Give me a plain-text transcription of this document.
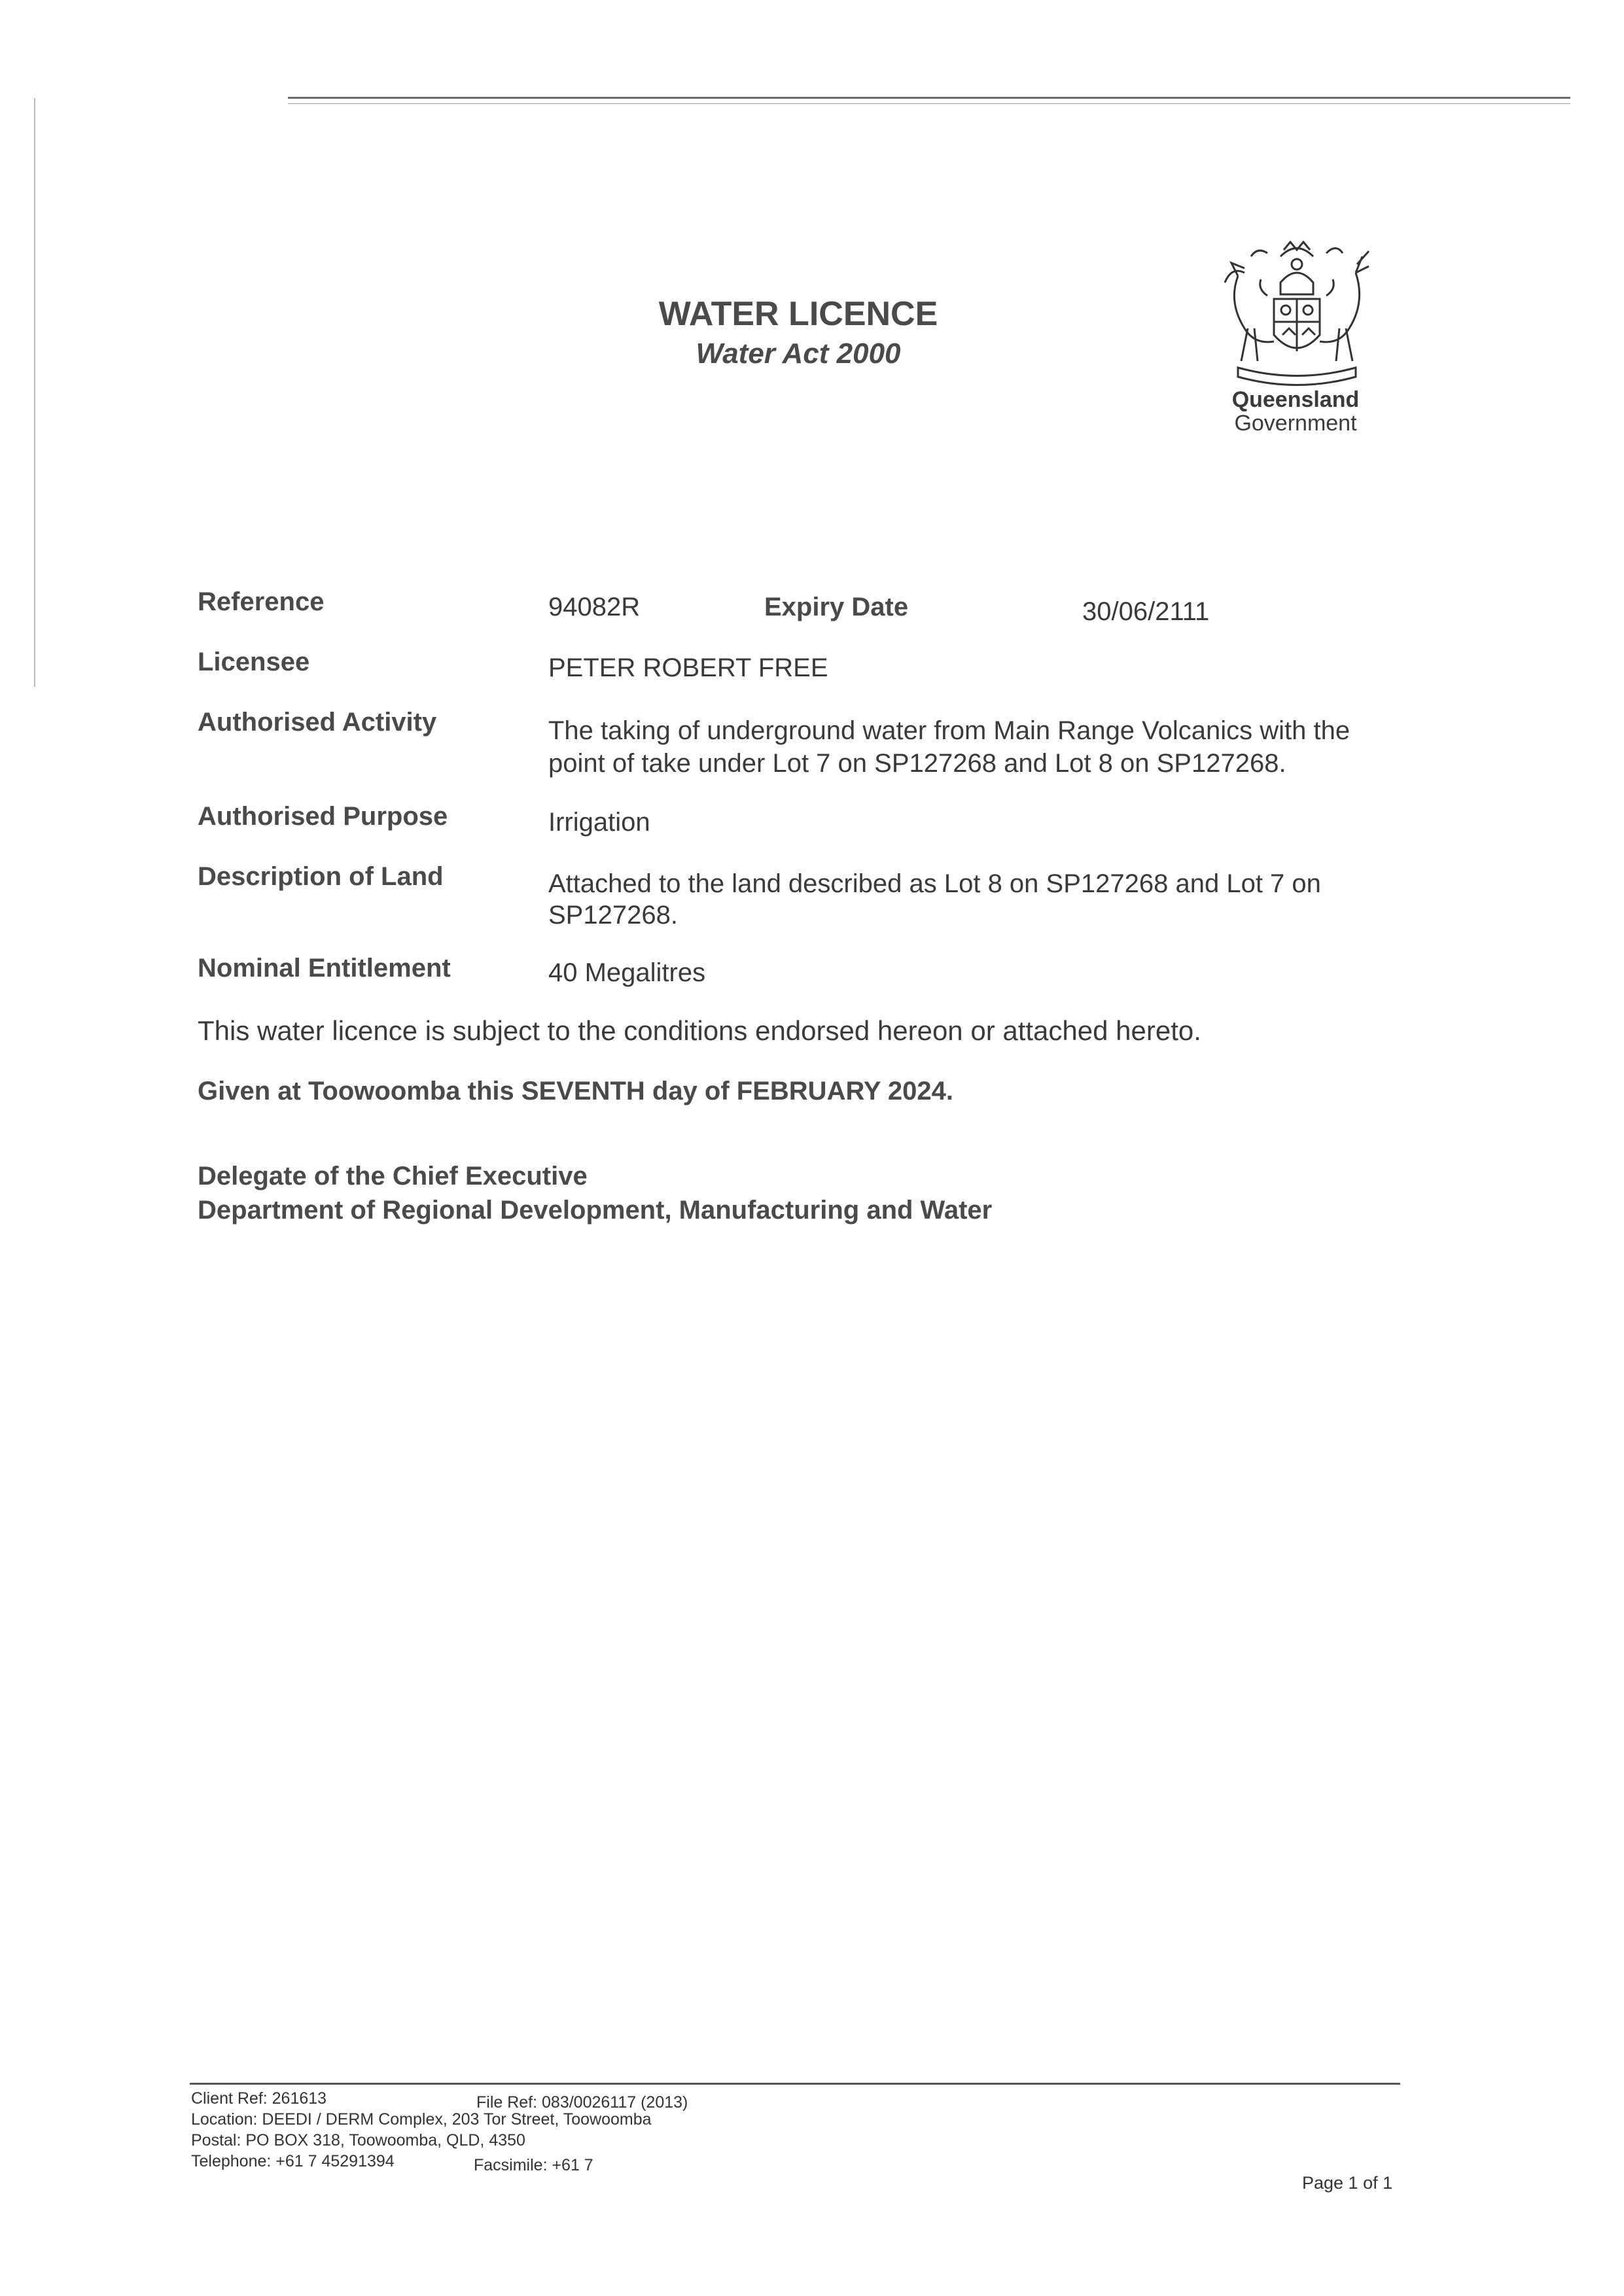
WATER LICENCE
Water Act 2000
Queensland
Government
Reference	94082R	Expiry Date	30/06/2111
Licensee	PETER ROBERT FREE
Authorised Activity	The taking of underground water from Main Range Volcanics with the
point of take under Lot 7 on SP127268 and Lot 8 on SP127268.
Authorised Purpose	Irrigation
Description of Land	Attached to the land described as Lot 8 on SP127268 and Lot 7 on
SP127268.
Nominal Entitlement	40 Megalitres
This water licence is subject to the conditions endorsed hereon or attached hereto.
Given at Toowoomba this SEVENTH day of FEBRUARY 2024.
Delegate of the Chief Executive
Department of Regional Development, Manufacturing and Water
Client Ref: 261613	File Ref: 083/0026117 (2013)
Location: DEEDI / DERM Complex, 203 Tor Street, Toowoomba
Postal: PO BOX 318, Toowoomba, QLD, 4350
Telephone: +61 7 45291394	Facsimile: +61 7
Page 1 of 1
